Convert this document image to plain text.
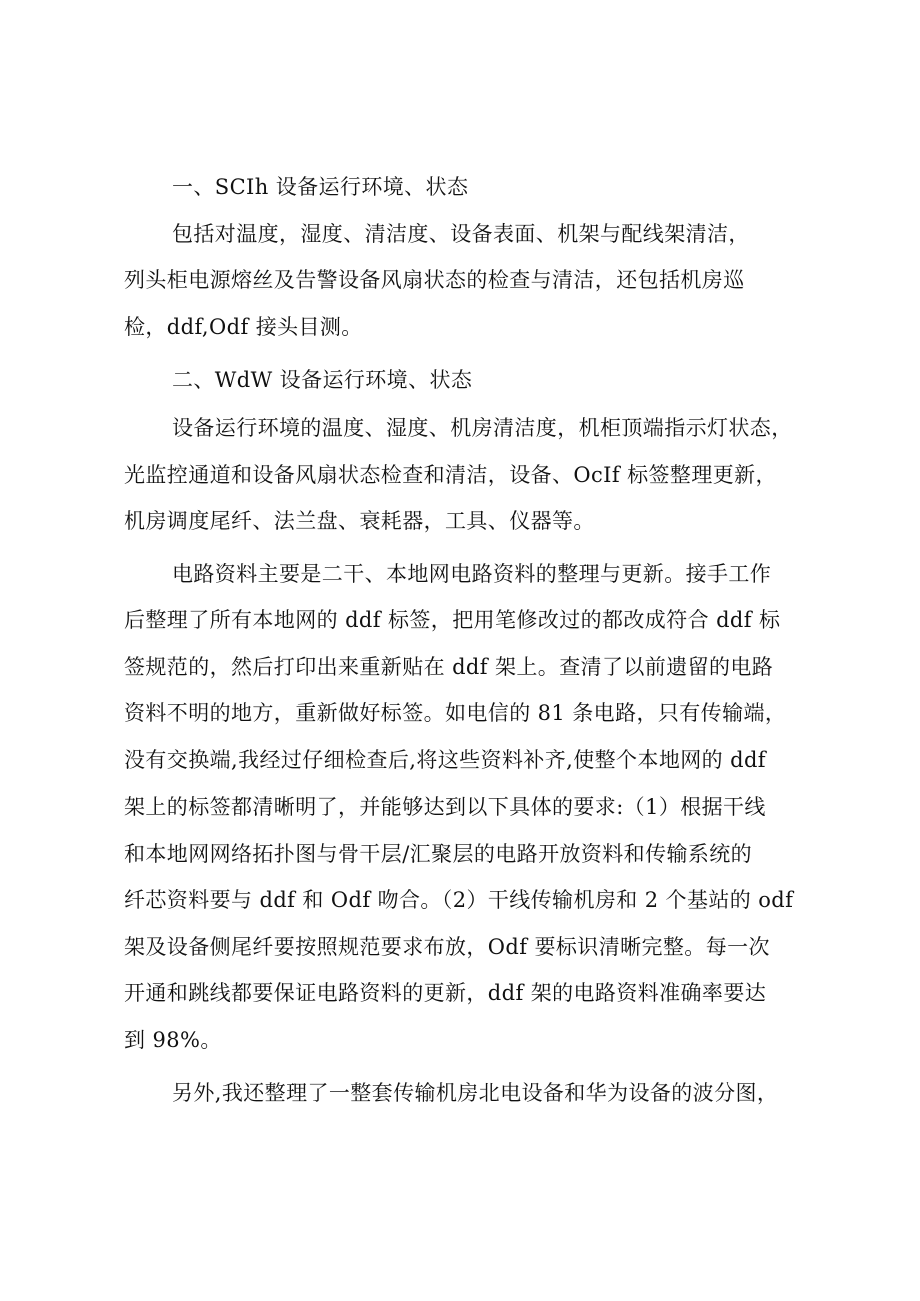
一、SCIh 设备运行环境、状态
包括对温度，湿度、清洁度、设备表面、机架与配线架清洁，
列头柜电源熔丝及告警设备风扇状态的检查与清洁，还包括机房巡
检，ddf,Odf 接头目测。
二、WdW 设备运行环境、状态
设备运行环境的温度、湿度、机房清洁度，机柜顶端指示灯状态，
光监控通道和设备风扇状态检查和清洁，设备、OcIf 标签整理更新，
机房调度尾纤、法兰盘、衰耗器，工具、仪器等。
电路资料主要是二干、本地网电路资料的整理与更新。接手工作
后整理了所有本地网的 ddf 标签，把用笔修改过的都改成符合 ddf 标
签规范的，然后打印出来重新贴在 ddf 架上。查清了以前遗留的电路
资料不明的地方，重新做好标签。如电信的 81 条电路，只有传输端，
没有交换端,我经过仔细检查后,将这些资料补齐,使整个本地网的 ddf
架上的标签都清晰明了，并能够达到以下具体的要求:（1）根据干线
和本地网网络拓扑图与骨干层/汇聚层的电路开放资料和传输系统的
纤芯资料要与 ddf 和 Odf 吻合。（2）干线传输机房和 2 个基站的 odf
架及设备侧尾纤要按照规范要求布放，Odf 要标识清晰完整。每一次
开通和跳线都要保证电路资料的更新，ddf 架的电路资料准确率要达
到 98%。
另外,我还整理了一整套传输机房北电设备和华为设备的波分图，
